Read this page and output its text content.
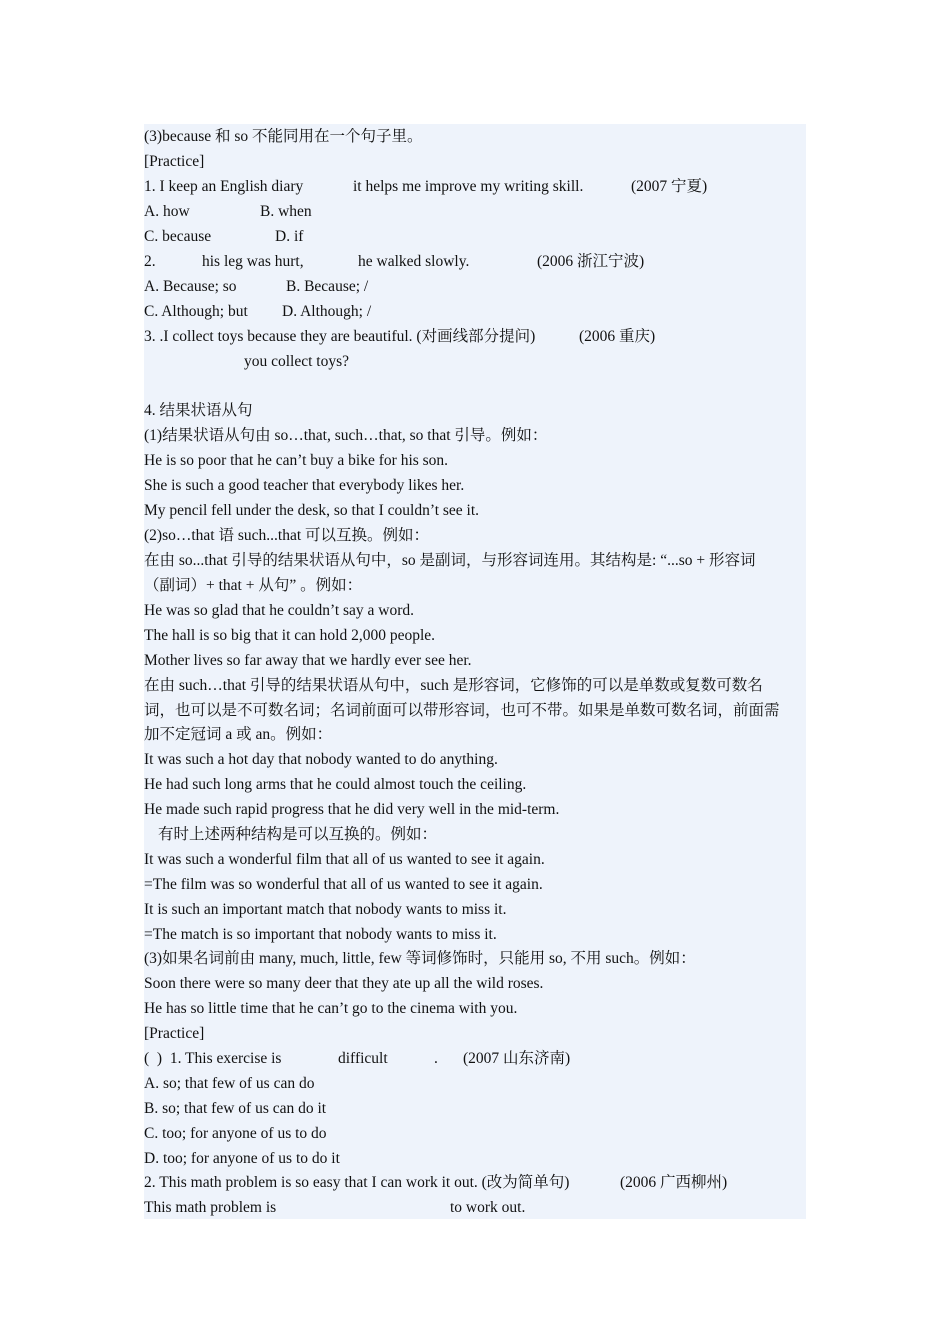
(3)because 和 so 不能同用在一个句子里。
[Practice]

1. I keep an English diary

	it helps me improve my writing skill.

	(2007 宁夏)

A. how

	B. when

C. because

	D. if

2.

	his leg was hurt,

	he walked slowly.

	(2006 浙江宁波)

A. Because; so

	B. Because; /

C. Although; but

D. Although; /

3. .I collect toys because they are beautiful. (对画线部分提问)

	(2006 重庆)

you collect toys?

4. 结果状语从句
(1)结果状语从句由 so…that, such…that, so that 引导。例如：
He is so poor that he can’t buy a bike for his son.
She is such a good teacher that everybody likes her.
My pencil fell under the desk, so that I couldn’t see it.
(2)so…that 语 such...that 可以互换。例如：
在由 so...that 引导的结果状语从句中，so 是副词，与形容词连用。其结构是: “...so + 形容词
（副词）+ that + 从句” 。例如：
He was so glad that he couldn’t say a word.
The hall is so big that it can hold 2,000 people.
Mother lives so far away that we hardly ever see her.
在由 such…that 引导的结果状语从句中，such 是形容词，它修饰的可以是单数或复数可数名
词，也可以是不可数名词；名词前面可以带形容词，也可不带。如果是单数可数名词，前面需
加不定冠词 a 或 an。例如：
It was such a hot day that nobody wanted to do anything.
He had such long arms that he could almost touch the ceiling.
He made such rapid progress that he did very well in the mid-term.
有时上述两种结构是可以互换的。例如：
It was such a wonderful film that all of us wanted to see it again.
=The film was so wonderful that all of us wanted to see it again.
It is such an important match that nobody wants to miss it.
=The match is so important that nobody wants to miss it.
(3)如果名词前由 many, much, little, few 等词修饰时，只能用 so, 不用 such。例如：
Soon there were so many deer that they ate up all the wild roses.
He has so little time that he can’t go to the cinema with you.
[Practice]

(  )  1. This exercise is

	difficult

	.

(2007 山东济南)

A. so; that few of us can do
B. so; that few of us can do it
C. too; for anyone of us to do
D. too; for anyone of us to do it

2. This math problem is so easy that I can work it out. (改为简单句)

	(2006 广西柳州)

This math problem is

	to work out.
